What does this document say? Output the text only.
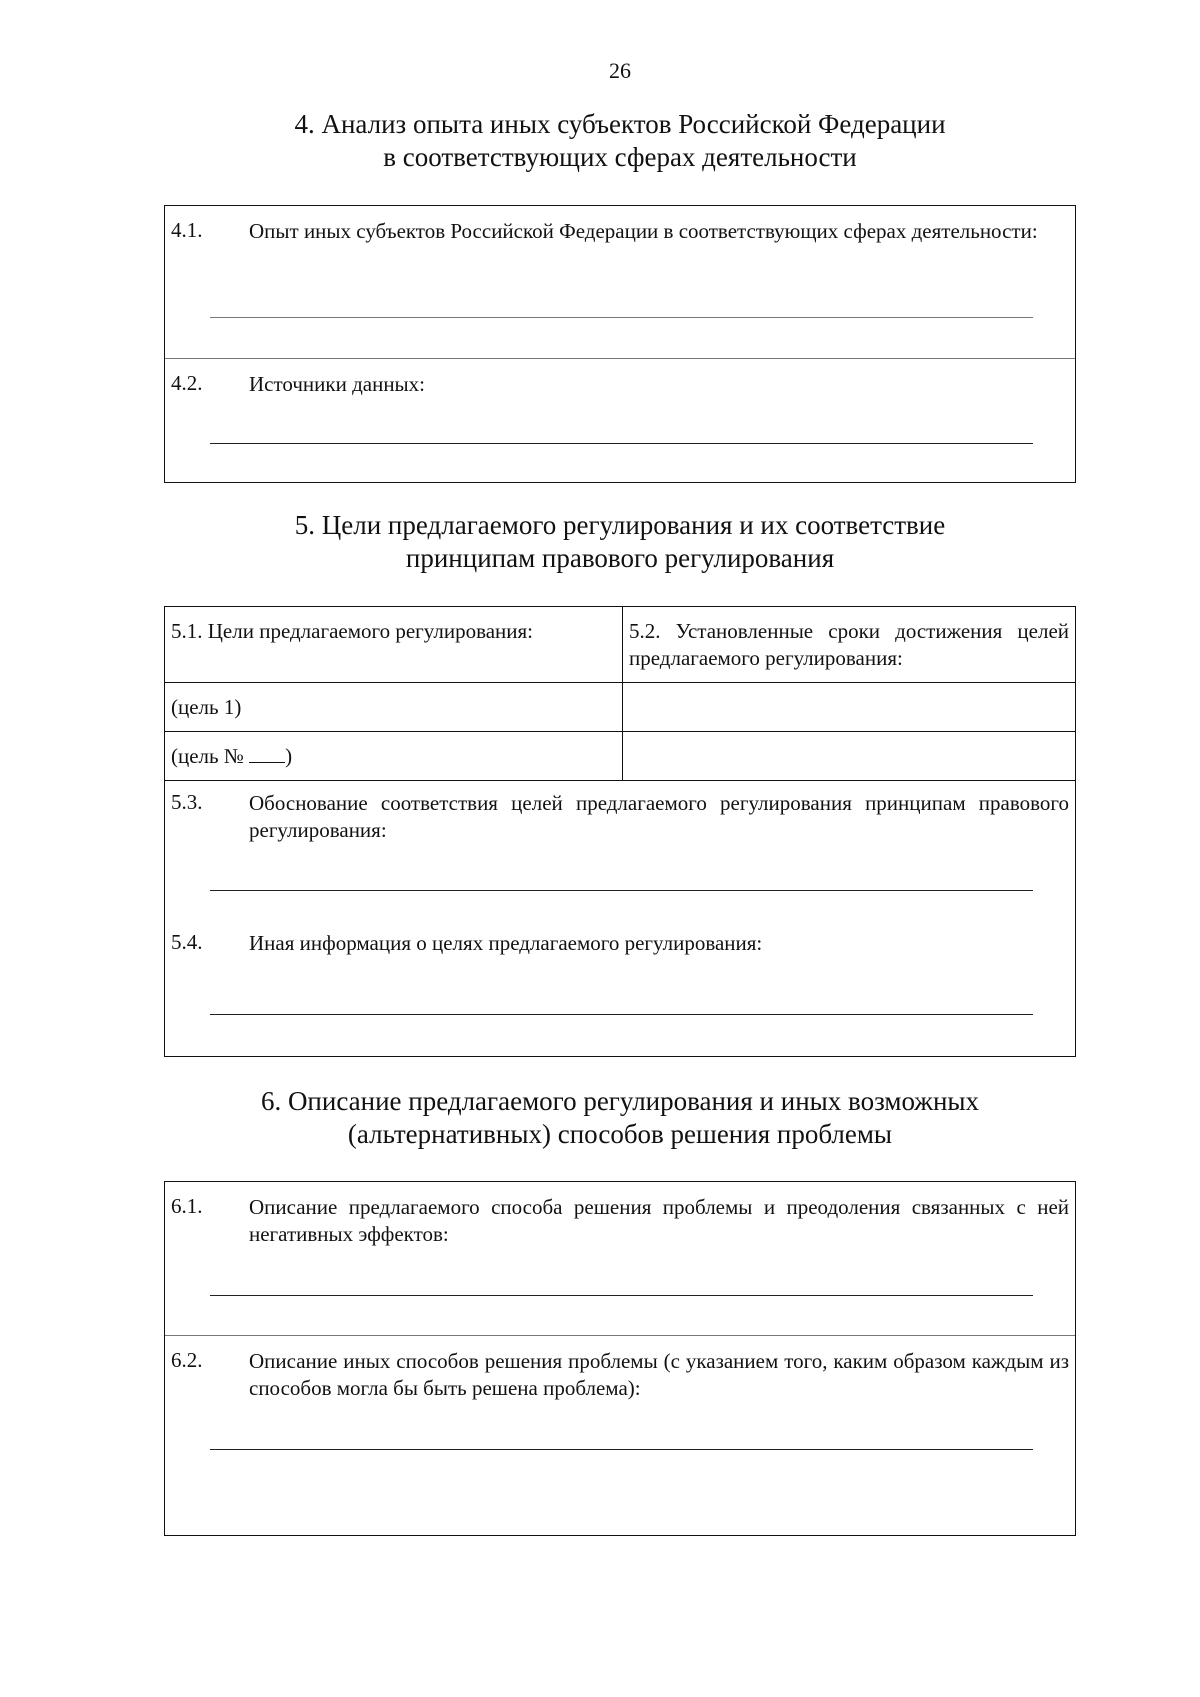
26
4. Анализ опыта иных субъектов Российской Федерации
в соответствующих сферах деятельности
4.1. Опыт иных субъектов Российской Федерации в соответствующих сферах деятельности:
4.2. Источники данных:
5. Цели предлагаемого регулирования и их соответствие
принципам правового регулирования
5.1. Цели предлагаемого регулирования:	5.2. Установленные сроки достижения целей предлагаемого регулирования:
(цель 1)	
(цель № )	
5.3. Обоснование соответствия целей предлагаемого регулирования принципам правового регулирования:
5.4. Иная информация о целях предлагаемого регулирования:
6. Описание предлагаемого регулирования и иных возможных
(альтернативных) способов решения проблемы
6.1. Описание предлагаемого способа решения проблемы и преодоления связанных с ней негативных эффектов:
6.2. Описание иных способов решения проблемы (с указанием того, каким образом каждым из способов могла бы быть решена проблема):
